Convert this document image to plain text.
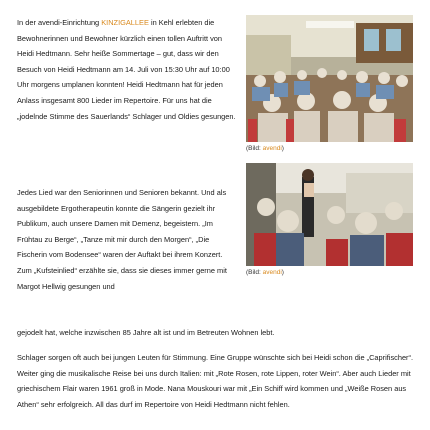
In der avendi-Einrichtung KINZIGALLEE in Kehl erlebten die Bewohnerinnen und Bewohner kürzlich einen tollen Auftritt von Heidi Hedtmann. Sehr heiße Sommertage – gut, dass wir den Besuch von Heidi Hedtmann am 14. Juli von 15:30 Uhr auf 10:00 Uhr morgens umplanen konnten! Heidi Hedtmann hat für jeden Anlass insgesamt 800 Lieder im Repertoire. Für uns hat die „jodelnde Stimme des Sauerlands“ Schlager und Oldies gesungen.

Jedes Lied war den Seniorinnen und Senioren bekannt. Und als ausgebildete Ergotherapeutin konnte die Sängerin gezielt ihr Publikum, auch unsere Damen mit Demenz, begeistern. „Im Frühtau zu Berge“, „Tanze mit mir durch den Morgen“, „Die Fischerin vom Bodensee“ waren der Auftakt bei ihrem Konzert. Zum „Kufsteinlied“ erzählte sie, dass sie dieses immer gerne mit Margot Hellwig gesungen und

gejodelt hat, welche inzwischen 85 Jahre alt ist und im Betreuten Wohnen lebt.

Schlager sorgen oft auch bei jungen Leuten für Stimmung. Eine Gruppe wünschte sich bei Heidi schon die „Caprifischer“. Weiter ging die musikalische Reise bei uns durch Italien: mit „Rote Rosen, rote Lippen, roter Wein“. Aber auch Lieder mit griechischem Flair waren 1961 groß in Mode. Nana Mouskouri war mit „Ein Schiff wird kommen und „Weiße Rosen aus Athen“ sehr erfolgreich. All das durf im Repertoire von Heidi Hedtmann nicht fehlen.

(Bild: avendi)
(Bild: avendi)
